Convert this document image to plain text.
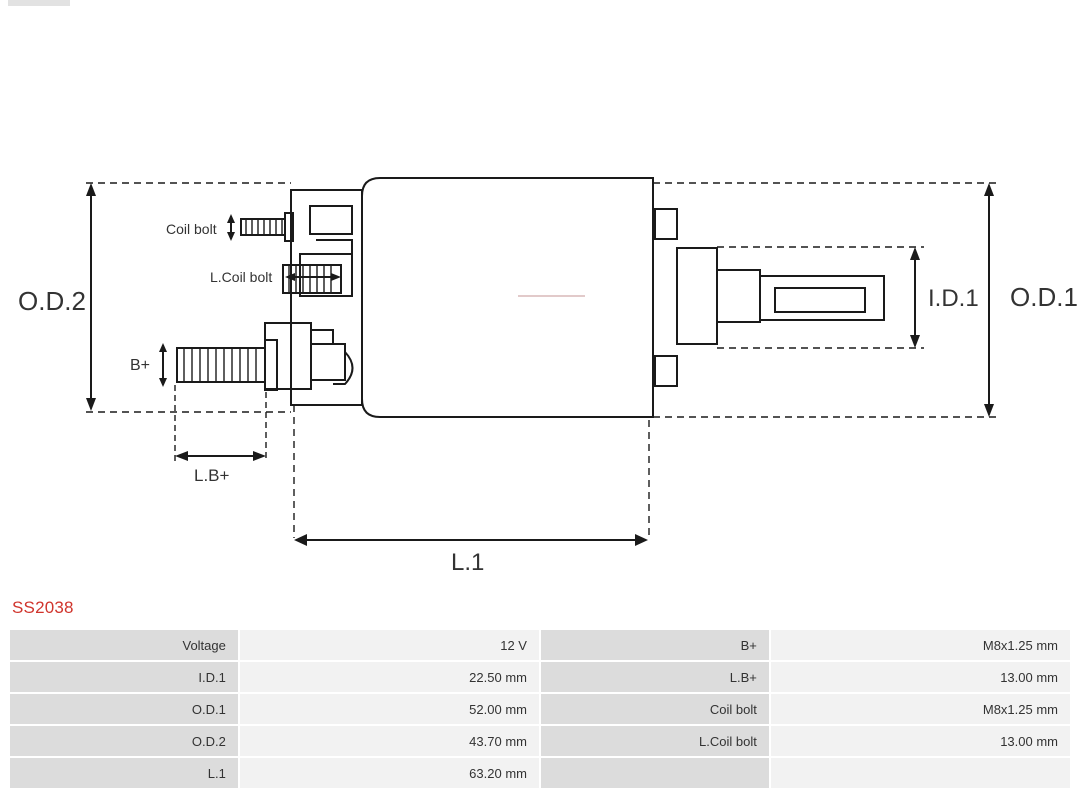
O.D.2	O.D.1
I.D.1
L.1
L.B+
B+
Coil bolt
L.Coil bolt
SS2038
Voltage	12 V	B+	M8x1.25 mm
I.D.1	22.50 mm	L.B+	13.00 mm
O.D.1	52.00 mm	Coil bolt	M8x1.25 mm
O.D.2	43.70 mm	L.Coil bolt	13.00 mm
L.1	63.20 mm		
